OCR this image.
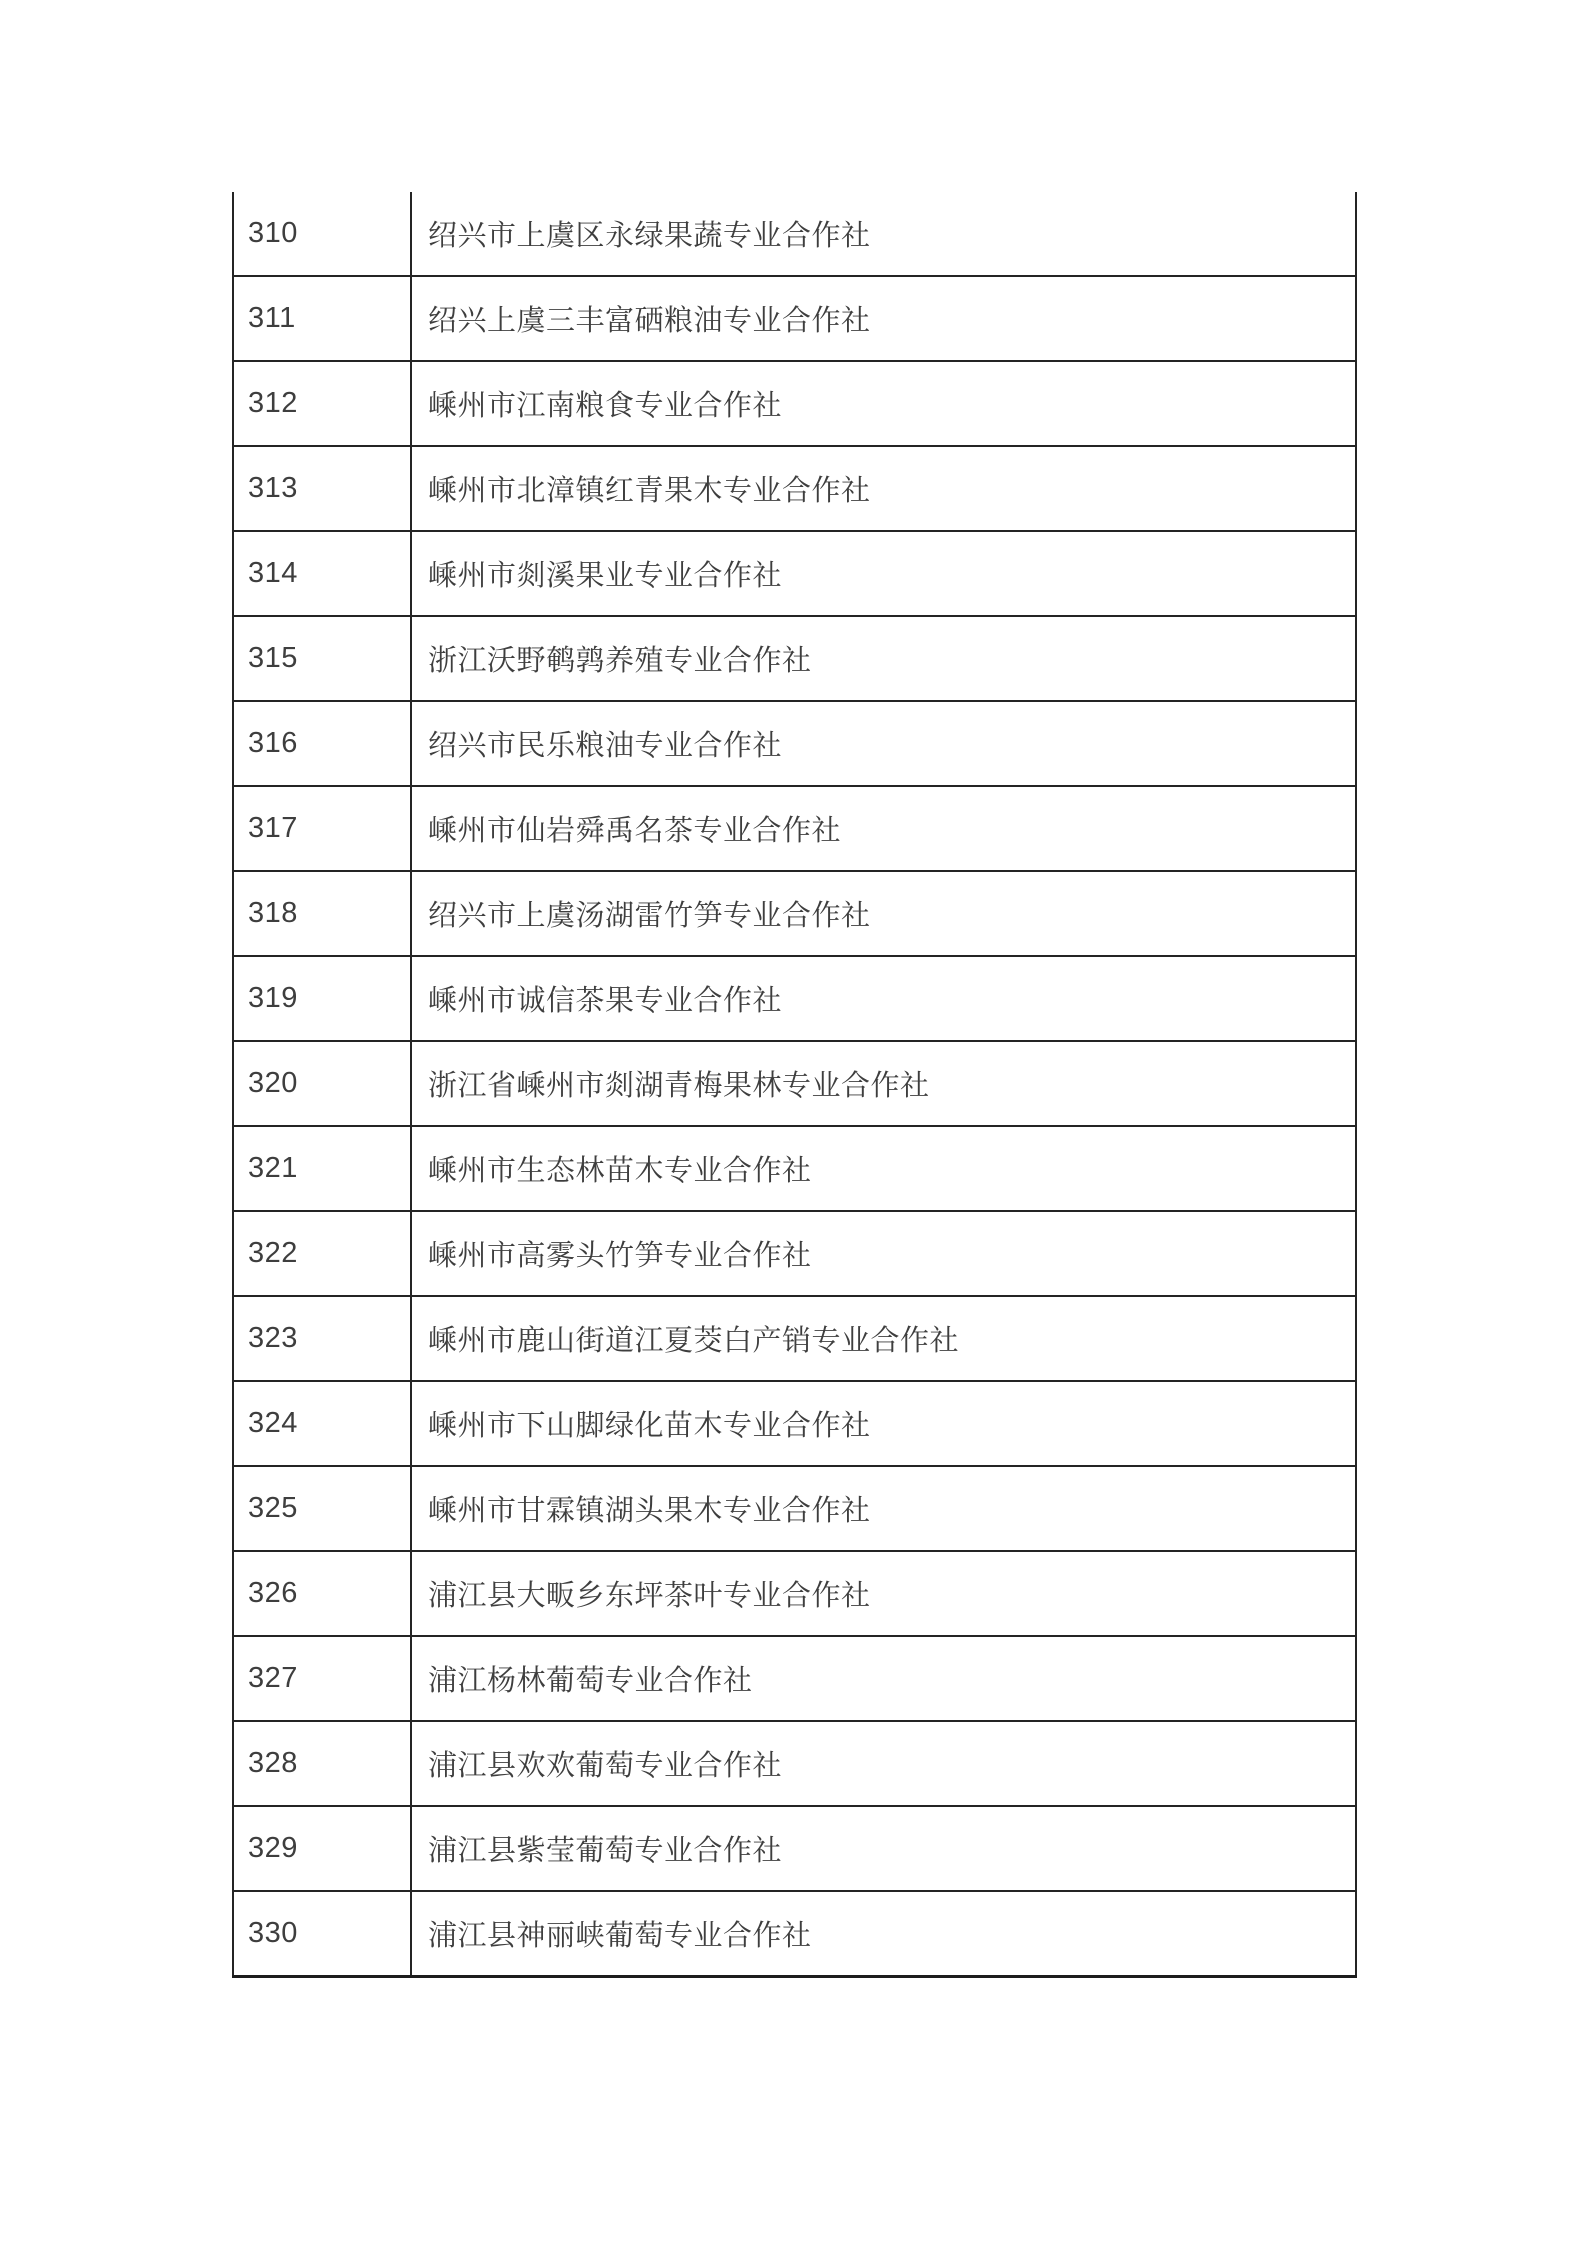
310	绍兴市上虞区永绿果蔬专业合作社
311	绍兴上虞三丰富硒粮油专业合作社
312	嵊州市江南粮食专业合作社
313	嵊州市北漳镇红青果木专业合作社
314	嵊州市剡溪果业专业合作社
315	浙江沃野鹌鹑养殖专业合作社
316	绍兴市民乐粮油专业合作社
317	嵊州市仙岩舜禹名茶专业合作社
318	绍兴市上虞汤湖雷竹笋专业合作社
319	嵊州市诚信茶果专业合作社
320	浙江省嵊州市剡湖青梅果林专业合作社
321	嵊州市生态林苗木专业合作社
322	嵊州市高雾头竹笋专业合作社
323	嵊州市鹿山街道江夏茭白产销专业合作社
324	嵊州市下山脚绿化苗木专业合作社
325	嵊州市甘霖镇湖头果木专业合作社
326	浦江县大畈乡东坪茶叶专业合作社
327	浦江杨林葡萄专业合作社
328	浦江县欢欢葡萄专业合作社
329	浦江县紫莹葡萄专业合作社
330	浦江县神丽峡葡萄专业合作社
